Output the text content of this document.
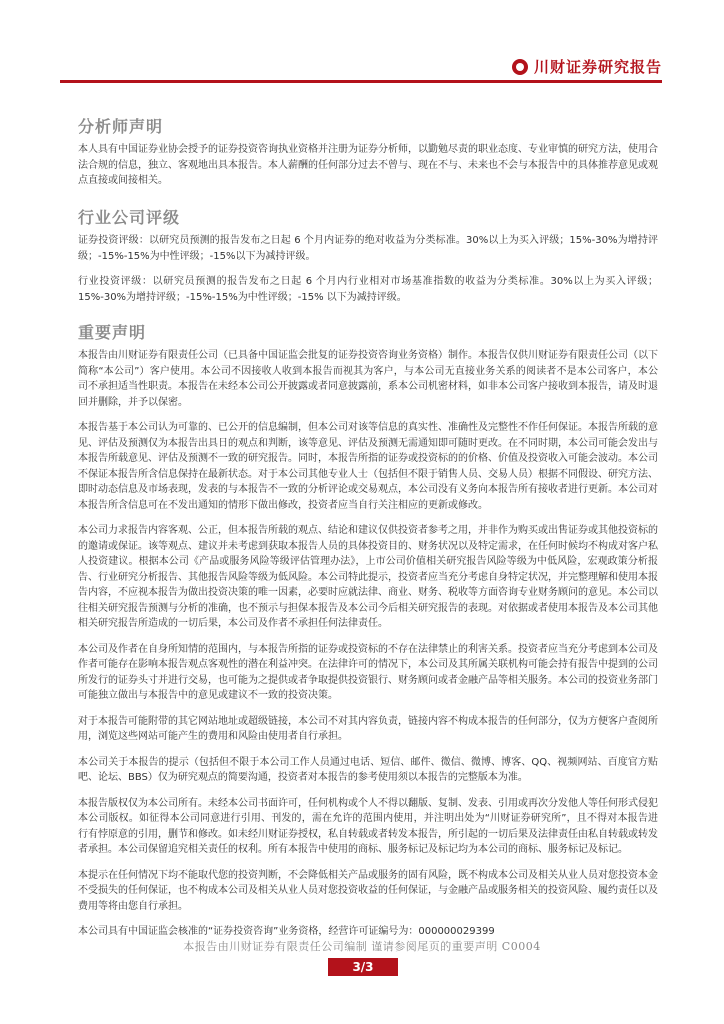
川财证券研究报告
分析师声明

本人具有中国证券业协会授予的证券投资咨询执业资格并注册为证券分析师，以勤勉尽责的职业态度、专业审慎的研究方法，使用合法合规的信息，独立、客观地出具本报告。本人薪酬的任何部分过去不曾与、现在不与、未来也不会与本报告中的具体推荐意见或观点直接或间接相关。

行业公司评级

证券投资评级：以研究员预测的报告发布之日起 6 个月内证券的绝对收益为分类标准。30%以上为买入评级；15%-30%为增持评级；-15%-15%为中性评级；-15%以下为减持评级。

行业投资评级：以研究员预测的报告发布之日起 6 个月内行业相对市场基准指数的收益为分类标准。30%以上为买入评级；15%-30%为增持评级；-15%-15%为中性评级；-15% 以下为减持评级。

重要声明

本报告由川财证券有限责任公司（已具备中国证监会批复的证券投资咨询业务资格）制作。本报告仅供川财证券有限责任公司（以下简称“本公司”）客户使用。本公司不因接收人收到本报告而视其为客户，与本公司无直接业务关系的阅读者不是本公司客户，本公司不承担适当性职责。本报告在未经本公司公开披露或者同意披露前，系本公司机密材料，如非本公司客户接收到本报告，请及时退回并删除，并予以保密。

本报告基于本公司认为可靠的、已公开的信息编制，但本公司对该等信息的真实性、准确性及完整性不作任何保证。本报告所载的意见、评估及预测仅为本报告出具日的观点和判断，该等意见、评估及预测无需通知即可随时更改。在不同时期，本公司可能会发出与本报告所载意见、评估及预测不一致的研究报告。同时，本报告所指的证券或投资标的的价格、价值及投资收入可能会波动。本公司不保证本报告所含信息保持在最新状态。对于本公司其他专业人士（包括但不限于销售人员、交易人员）根据不同假设、研究方法、即时动态信息及市场表现，发表的与本报告不一致的分析评论或交易观点，本公司没有义务向本报告所有接收者进行更新。本公司对本报告所含信息可在不发出通知的情形下做出修改，投资者应当自行关注相应的更新或修改。

本公司力求报告内容客观、公正，但本报告所载的观点、结论和建议仅供投资者参考之用，并非作为购买或出售证券或其他投资标的的邀请或保证。该等观点、建议并未考虑到获取本报告人员的具体投资目的、财务状况以及特定需求，在任何时候均不构成对客户私人投资建议。根据本公司《产品或服务风险等级评估管理办法》，上市公司价值相关研究报告风险等级为中低风险，宏观政策分析报告、行业研究分析报告、其他报告风险等级为低风险。本公司特此提示，投资者应当充分考虑自身特定状况，并完整理解和使用本报告内容，不应视本报告为做出投资决策的唯一因素，必要时应就法律、商业、财务、税收等方面咨询专业财务顾问的意见。本公司以往相关研究报告预测与分析的准确，也不预示与担保本报告及本公司今后相关研究报告的表现。对依据或者使用本报告及本公司其他相关研究报告所造成的一切后果，本公司及作者不承担任何法律责任。

本公司及作者在自身所知情的范围内，与本报告所指的证券或投资标的不存在法律禁止的利害关系。投资者应当充分考虑到本公司及作者可能存在影响本报告观点客观性的潜在利益冲突。在法律许可的情况下，本公司及其所属关联机构可能会持有报告中提到的公司所发行的证券头寸并进行交易，也可能为之提供或者争取提供投资银行、财务顾问或者金融产品等相关服务。本公司的投资业务部门可能独立做出与本报告中的意见或建议不一致的投资决策。

对于本报告可能附带的其它网站地址或超级链接，本公司不对其内容负责，链接内容不构成本报告的任何部分，仅为方便客户查阅所用，浏览这些网站可能产生的费用和风险由使用者自行承担。

本公司关于本报告的提示（包括但不限于本公司工作人员通过电话、短信、邮件、微信、微博、博客、QQ、视频网站、百度官方贴吧、论坛、BBS）仅为研究观点的简要沟通，投资者对本报告的参考使用须以本报告的完整版本为准。

本报告版权仅为本公司所有。未经本公司书面许可，任何机构或个人不得以翻版、复制、发表、引用或再次分发他人等任何形式侵犯本公司版权。如征得本公司同意进行引用、刊发的，需在允许的范围内使用，并注明出处为“川财证券研究所”，且不得对本报告进行有悖原意的引用，删节和修改。如未经川财证券授权，私自转载或者转发本报告，所引起的一切后果及法律责任由私自转载或转发者承担。本公司保留追究相关责任的权利。所有本报告中使用的商标、服务标记及标记均为本公司的商标、服务标记及标记。

本提示在任何情况下均不能取代您的投资判断，不会降低相关产品或服务的固有风险，既不构成本公司及相关从业人员对您投资本金不受损失的任何保证，也不构成本公司及相关从业人员对您投资收益的任何保证，与金融产品或服务相关的投资风险、履约责任以及费用等将由您自行承担。

本公司具有中国证监会核准的“证券投资咨询”业务资格，经营许可证编号为：000000029399

本报告由川财证券有限责任公司编制 谨请参阅尾页的重要声明 C0004
3/3
